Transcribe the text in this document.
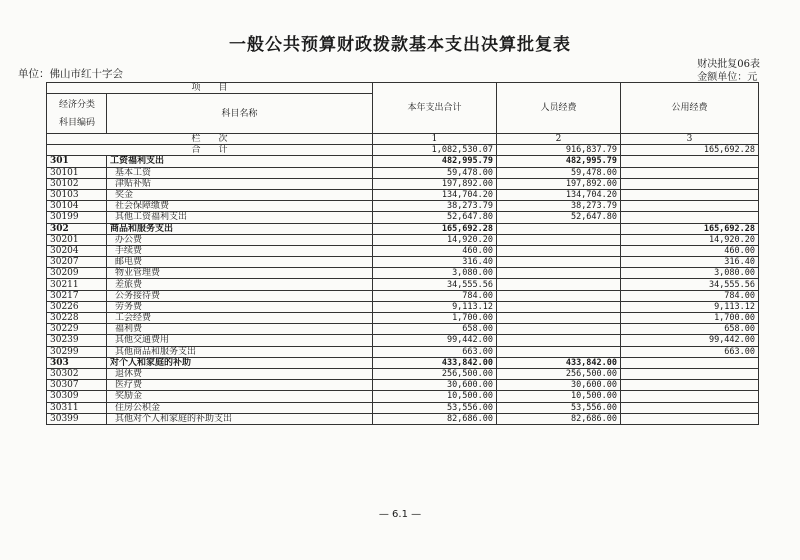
一般公共预算财政拨款基本支出决算批复表
单位：佛山市红十字会
财决批复06表
金额单位：元
项　　目		本年支出合计	人员经费	公用经费

经济分类
科目编码	科目名称			
栏　　次		1	2	3
合　　计		1,082,530.07	916,837.79	165,692.28
301	工资福利支出	482,995.79	482,995.79	
30101	基本工资	59,478.00	59,478.00	
30102	津贴补贴	197,892.00	197,892.00	
30103	奖金	134,704.20	134,704.20	
30104	社会保障缴费	38,273.79	38,273.79	
30199	其他工资福利支出	52,647.80	52,647.80	
302	商品和服务支出	165,692.28		165,692.28
30201	办公费	14,920.20		14,920.20
30204	手续费	460.00		460.00
30207	邮电费	316.40		316.40
30209	物业管理费	3,080.00		3,080.00
30211	差旅费	34,555.56		34,555.56
30217	公务接待费	784.00		784.00
30226	劳务费	9,113.12		9,113.12
30228	工会经费	1,700.00		1,700.00
30229	福利费	658.00		658.00
30239	其他交通费用	99,442.00		99,442.00
30299	其他商品和服务支出	663.00		663.00
303	对个人和家庭的补助	433,842.00	433,842.00	
30302	退休费	256,500.00	256,500.00	
30307	医疗费	30,600.00	30,600.00	
30309	奖励金	10,500.00	10,500.00	
30311	住房公积金	53,556.00	53,556.00	
30399	其他对个人和家庭的补助支出	82,686.00	82,686.00	
— 6.1 —
